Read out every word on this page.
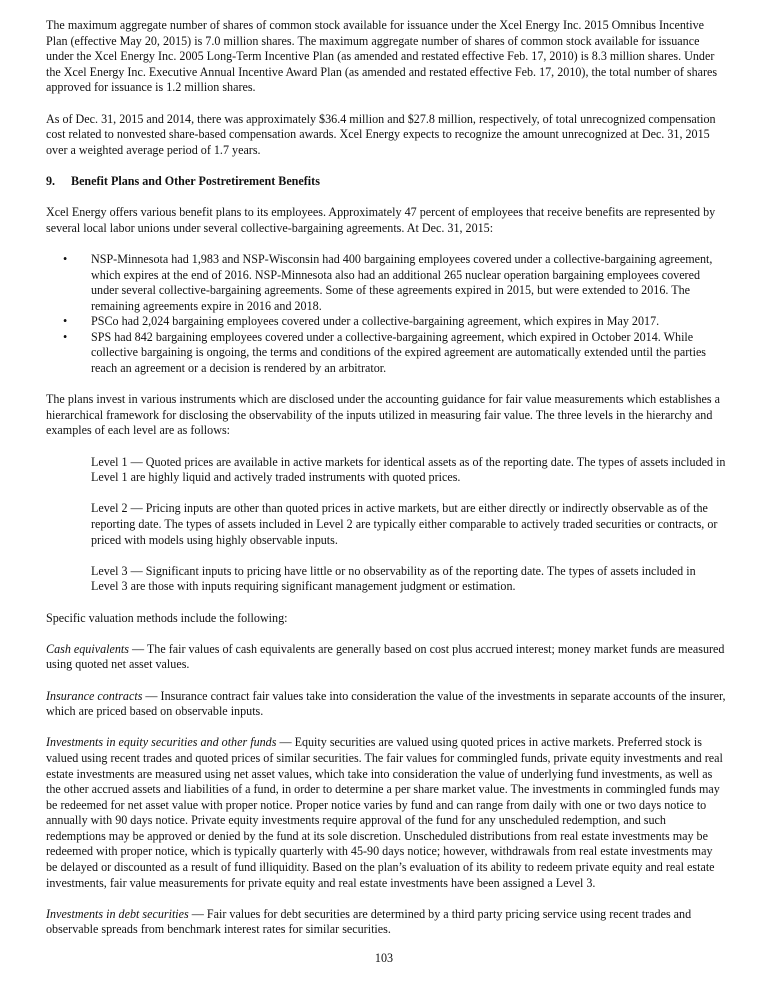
The maximum aggregate number of shares of common stock available for issuance under the Xcel Energy Inc. 2015 Omnibus Incentive Plan (effective May 20, 2015) is 7.0 million shares. The maximum aggregate number of shares of common stock available for issuance under the Xcel Energy Inc. 2005 Long-Term Incentive Plan (as amended and restated effective Feb. 17, 2010) is 8.3 million shares. Under the Xcel Energy Inc. Executive Annual Incentive Award Plan (as amended and restated effective Feb. 17, 2010), the total number of shares approved for issuance is 1.2 million shares.

As of Dec. 31, 2015 and 2014, there was approximately $36.4 million and $27.8 million, respectively, of total unrecognized compensation cost related to nonvested share-based compensation awards. Xcel Energy expects to recognize the amount unrecognized at Dec. 31, 2015 over a weighted average period of 1.7 years.

9. Benefit Plans and Other Postretirement Benefits

Xcel Energy offers various benefit plans to its employees. Approximately 47 percent of employees that receive benefits are represented by several local labor unions under several collective-bargaining agreements. At Dec. 31, 2015:

• NSP-Minnesota had 1,983 and NSP-Wisconsin had 400 bargaining employees covered under a collective-bargaining agreement, which expires at the end of 2016. NSP-Minnesota also had an additional 265 nuclear operation bargaining employees covered under several collective-bargaining agreements. Some of these agreements expired in 2015, but were extended to 2016. The remaining agreements expire in 2016 and 2018.
• PSCo had 2,024 bargaining employees covered under a collective-bargaining agreement, which expires in May 2017.
• SPS had 842 bargaining employees covered under a collective-bargaining agreement, which expired in October 2014. While collective bargaining is ongoing, the terms and conditions of the expired agreement are automatically extended until the parties reach an agreement or a decision is rendered by an arbitrator.

The plans invest in various instruments which are disclosed under the accounting guidance for fair value measurements which establishes a hierarchical framework for disclosing the observability of the inputs utilized in measuring fair value. The three levels in the hierarchy and examples of each level are as follows:

Level 1 — Quoted prices are available in active markets for identical assets as of the reporting date. The types of assets included in Level 1 are highly liquid and actively traded instruments with quoted prices.

Level 2 — Pricing inputs are other than quoted prices in active markets, but are either directly or indirectly observable as of the reporting date. The types of assets included in Level 2 are typically either comparable to actively traded securities or contracts, or priced with models using highly observable inputs.

Level 3 — Significant inputs to pricing have little or no observability as of the reporting date. The types of assets included in Level 3 are those with inputs requiring significant management judgment or estimation.

Specific valuation methods include the following:

Cash equivalents — The fair values of cash equivalents are generally based on cost plus accrued interest; money market funds are measured using quoted net asset values.

Insurance contracts — Insurance contract fair values take into consideration the value of the investments in separate accounts of the insurer, which are priced based on observable inputs.

Investments in equity securities and other funds — Equity securities are valued using quoted prices in active markets. Preferred stock is valued using recent trades and quoted prices of similar securities. The fair values for commingled funds, private equity investments and real estate investments are measured using net asset values, which take into consideration the value of underlying fund investments, as well as the other accrued assets and liabilities of a fund, in order to determine a per share market value. The investments in commingled funds may be redeemed for net asset value with proper notice. Proper notice varies by fund and can range from daily with one or two days notice to annually with 90 days notice. Private equity investments require approval of the fund for any unscheduled redemption, and such redemptions may be approved or denied by the fund at its sole discretion. Unscheduled distributions from real estate investments may be redeemed with proper notice, which is typically quarterly with 45-90 days notice; however, withdrawals from real estate investments may be delayed or discounted as a result of fund illiquidity. Based on the plan’s evaluation of its ability to redeem private equity and real estate investments, fair value measurements for private equity and real estate investments have been assigned a Level 3.

Investments in debt securities — Fair values for debt securities are determined by a third party pricing service using recent trades and observable spreads from benchmark interest rates for similar securities.

103
